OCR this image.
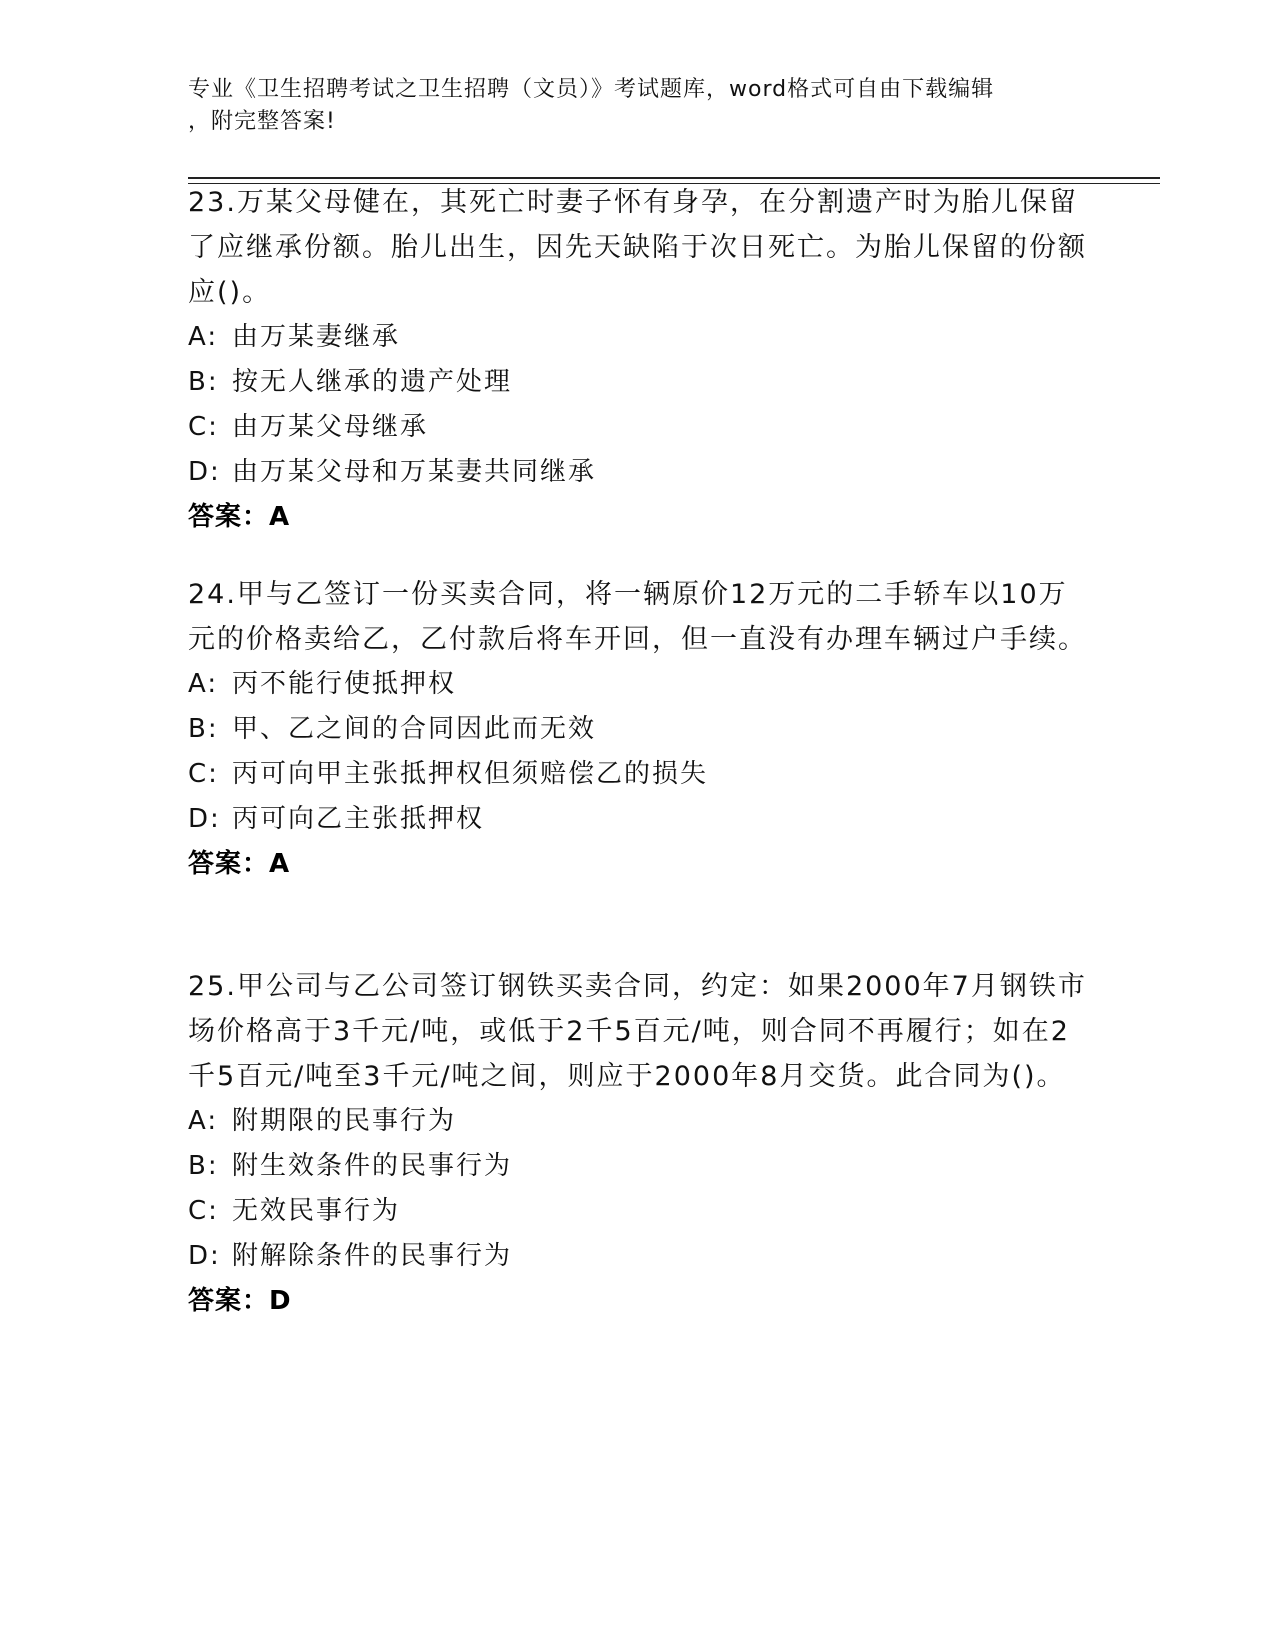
专业《卫生招聘考试之卫生招聘（文员）》考试题库，word格式可自由下载编辑
，附完整答案!
23.万某父母健在，其死亡时妻子怀有身孕，在分割遗产时为胎儿保留了应继承份额。胎儿出生，因先天缺陷于次日死亡。为胎儿保留的份额应()。
A: 由万某妻继承
B: 按无人继承的遗产处理
C: 由万某父母继承
D: 由万某父母和万某妻共同继承
答案：A
24.甲与乙签订一份买卖合同，将一辆原价12万元的二手轿车以10万元的价格卖给乙，乙付款后将车开回，但一直没有办理车辆过户手续。
A: 丙不能行使抵押权
B: 甲、乙之间的合同因此而无效
C: 丙可向甲主张抵押权但须赔偿乙的损失
D: 丙可向乙主张抵押权
答案：A
25.甲公司与乙公司签订钢铁买卖合同，约定：如果2000年7月钢铁市场价格高于3千元/吨，或低于2千5百元/吨，则合同不再履行；如在2千5百元/吨至3千元/吨之间，则应于2000年8月交货。此合同为()。
A: 附期限的民事行为
B: 附生效条件的民事行为
C: 无效民事行为
D: 附解除条件的民事行为
答案：D
